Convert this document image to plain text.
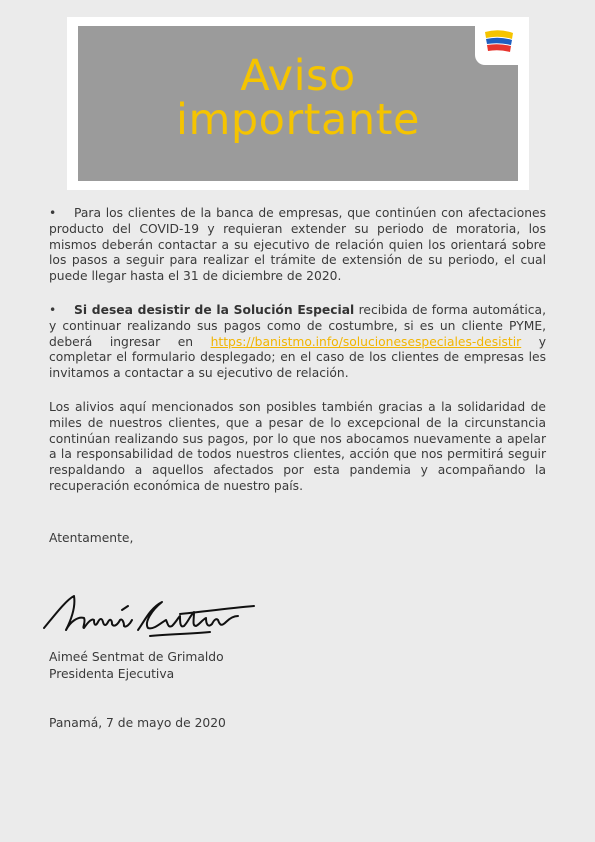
Aviso
importante

• Para los clientes de la banca de empresas, que continúen con afectaciones producto del COVID-19 y requieran extender su periodo de moratoria, los mismos deberán contactar a su ejecutivo de relación quien los orientará sobre los pasos a seguir para realizar el trámite de extensión de su periodo, el cual puede llegar hasta el 31 de diciembre de 2020.

• Si desea desistir de la Solución Especial recibida de forma automática, y continuar realizando sus pagos como de costumbre, si es un cliente PYME, deberá ingresar en https://banistmo.info/solucionesespeciales-desistir y completar el formulario desplegado; en el caso de los clientes de empresas les invitamos a contactar a su ejecutivo de relación.

Los alivios aquí mencionados son posibles también gracias a la solidaridad de miles de nuestros clientes, que a pesar de lo excepcional de la circunstancia continúan realizando sus pagos, por lo que nos abocamos nuevamente a apelar a la responsabilidad de todos nuestros clientes, acción que nos permitirá seguir respaldando a aquellos afectados por esta pandemia y acompañando la recuperación económica de nuestro país.

Atentamente,
Aimeé Sentmat de Grimaldo
Presidenta Ejecutiva
Panamá, 7 de mayo de 2020
